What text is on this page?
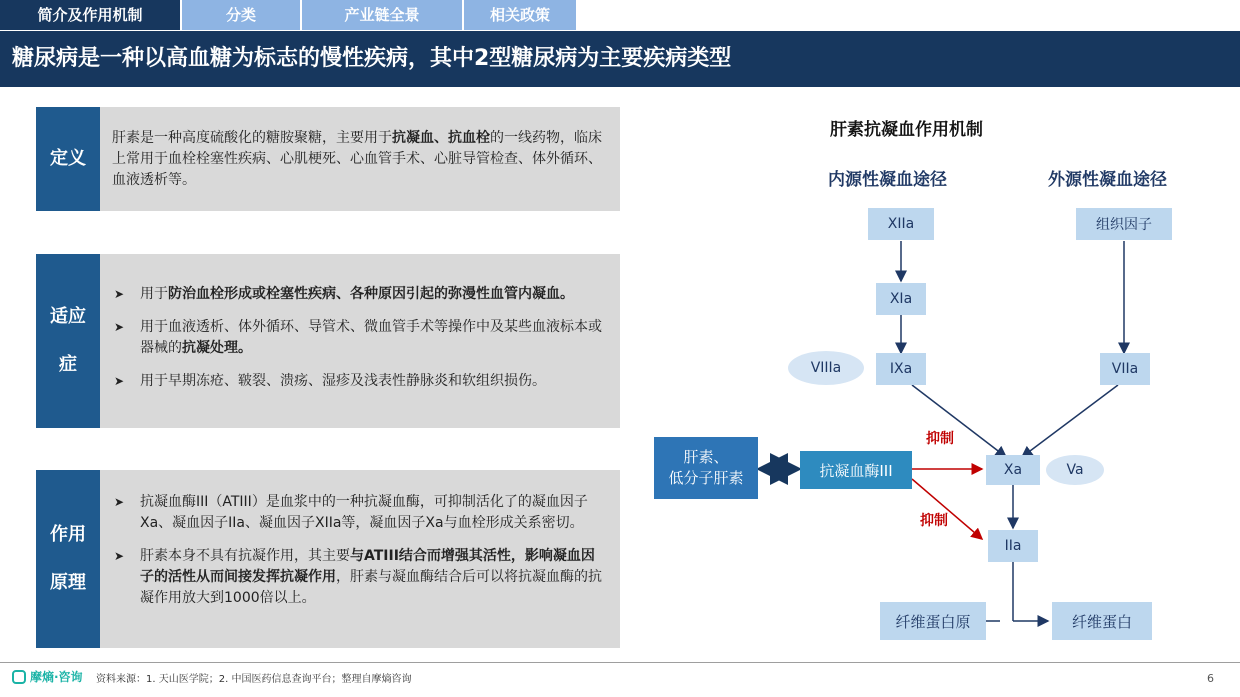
简介及作用机制	分类	产业链全景	相关政策
糖尿病是一种以高血糖为标志的慢性疾病，其中2型糖尿病为主要疾病类型
定义
肝素是一种高度硫酸化的糖胺聚糖，主要用于抗凝血、抗血栓的一线药物，临床上常用于血栓栓塞性疾病、心肌梗死、心血管手术、心脏导管检查、体外循环、血液透析等。
适应

症
➤ 用于防治血栓形成或栓塞性疾病、各种原因引起的弥漫性血管内凝血。
➤ 用于血液透析、体外循环、导管术、微血管手术等操作中及某些血液标本或器械的抗凝处理。
➤ 用于早期冻疮、皲裂、溃疡、湿疹及浅表性静脉炎和软组织损伤。
作用

原理
➤ 抗凝血酶III（ATIII）是血浆中的一种抗凝血酶，可抑制活化了的凝血因子Xa、凝血因子IIa、凝血因子XIIa等，凝血因子Xa与血栓形成关系密切。
➤ 肝素本身不具有抗凝作用，其主要与ATIII结合而增强其活性，影响凝血因子的活性从而间接发挥抗凝作用，肝素与凝血酶结合后可以将抗凝血酶的抗凝作用放大到1000倍以上。
肝素抗凝血作用机制
内源性凝血途径	外源性凝血途径
XIIa
XIa
IXa
VIIIa
组织因子
VIIa
肝素、
低分子肝素	抗凝血酶III	Xa	Va
IIa
纤维蛋白原	纤维蛋白
抑制
抑制
摩熵·咨询 资料来源：1. 天山医学院；2. 中国医药信息查询平台；整理自摩熵咨询	6
